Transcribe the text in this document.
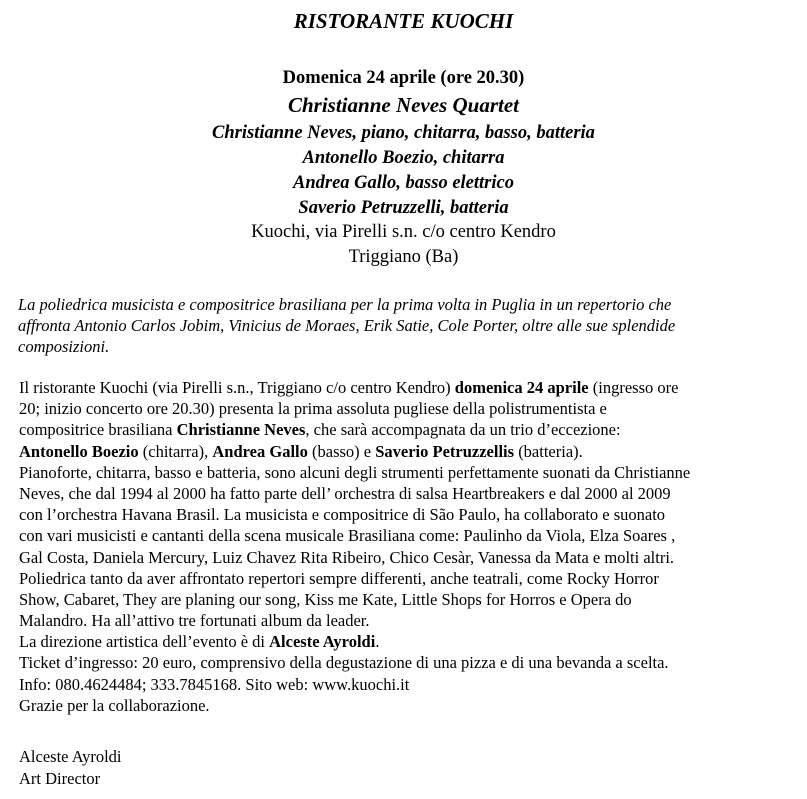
RISTORANTE KUOCHI
Domenica 24 aprile (ore 20.30)
Christianne Neves Quartet
Christianne Neves, piano, chitarra, basso, batteria
Antonello Boezio, chitarra
Andrea Gallo, basso elettrico
Saverio Petruzzelli, batteria
Kuochi, via Pirelli s.n. c/o centro Kendro
Triggiano (Ba)
La poliedrica musicista e compositrice brasiliana per la prima volta in Puglia in un repertorio che
affronta Antonio Carlos Jobim, Vinicius de Moraes, Erik Satie, Cole Porter, oltre alle sue splendide
composizioni.
Il ristorante Kuochi (via Pirelli s.n., Triggiano c/o centro Kendro) domenica 24 aprile (ingresso ore
20; inizio concerto ore 20.30) presenta la prima assoluta pugliese della polistrumentista e
compositrice brasiliana Christianne Neves, che sarà accompagnata da un trio d’eccezione:
Antonello Boezio (chitarra), Andrea Gallo (basso) e Saverio Petruzzellis (batteria).
Pianoforte, chitarra, basso e batteria, sono alcuni degli strumenti perfettamente suonati da Christianne
Neves, che dal 1994 al 2000 ha fatto parte dell’ orchestra di salsa Heartbreakers e dal 2000 al 2009
con l’orchestra Havana Brasil. La musicista e compositrice di São Paulo, ha collaborato e suonato
con vari musicisti e cantanti della scena musicale Brasiliana come: Paulinho da Viola, Elza Soares ,
Gal Costa, Daniela Mercury, Luiz Chavez Rita Ribeiro, Chico Cesàr, Vanessa da Mata e molti altri.
Poliedrica tanto da aver affrontato repertori sempre differenti, anche teatrali, come Rocky Horror
Show, Cabaret, They are planing our song, Kiss me Kate, Little Shops for Horros e Opera do
Malandro. Ha all’attivo tre fortunati album da leader.
La direzione artistica dell’evento è di Alceste Ayroldi.
Ticket d’ingresso: 20 euro, comprensivo della degustazione di una pizza e di una bevanda a scelta.
Info: 080.4624484; 333.7845168. Sito web: www.kuochi.it
Grazie per la collaborazione.
Alceste Ayroldi
Art Director
